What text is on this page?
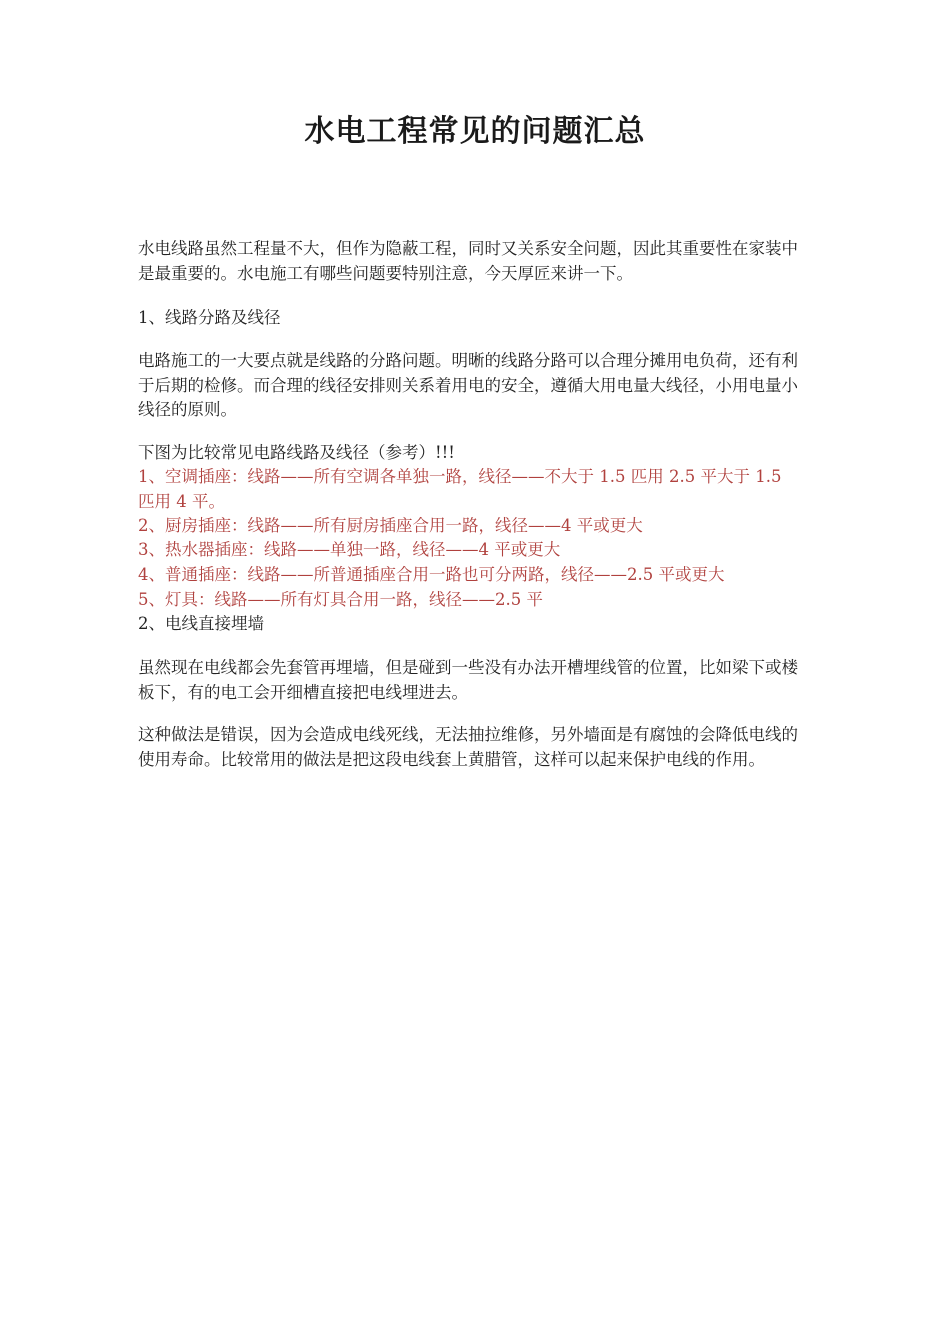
水电工程常见的问题汇总

水电线路虽然工程量不大，但作为隐蔽工程，同时又关系安全问题，因此其重要性在家装中是最重要的。水电施工有哪些问题要特别注意，今天厚匠来讲一下。

1、线路分路及线径

电路施工的一大要点就是线路的分路问题。明晰的线路分路可以合理分摊用电负荷，还有利于后期的检修。而合理的线径安排则关系着用电的安全，遵循大用电量大线径，小用电量小线径的原则。

下图为比较常见电路线路及线径（参考）!!!

1、空调插座：线路——所有空调各单独一路，线径——不大于 1.5 匹用 2.5 平大于 1.5 匹用 4 平。

2、厨房插座：线路——所有厨房插座合用一路，线径——4 平或更大

3、热水器插座：线路——单独一路，线径——4 平或更大

4、普通插座：线路——所普通插座合用一路也可分两路，线径——2.5 平或更大

5、灯具：线路——所有灯具合用一路，线径——2.5 平

2、电线直接埋墙

虽然现在电线都会先套管再埋墙，但是碰到一些没有办法开槽埋线管的位置，比如梁下或楼板下，有的电工会开细槽直接把电线埋进去。

这种做法是错误，因为会造成电线死线，无法抽拉维修，另外墙面是有腐蚀的会降低电线的使用寿命。比较常用的做法是把这段电线套上黄腊管，这样可以起来保护电线的作用。
